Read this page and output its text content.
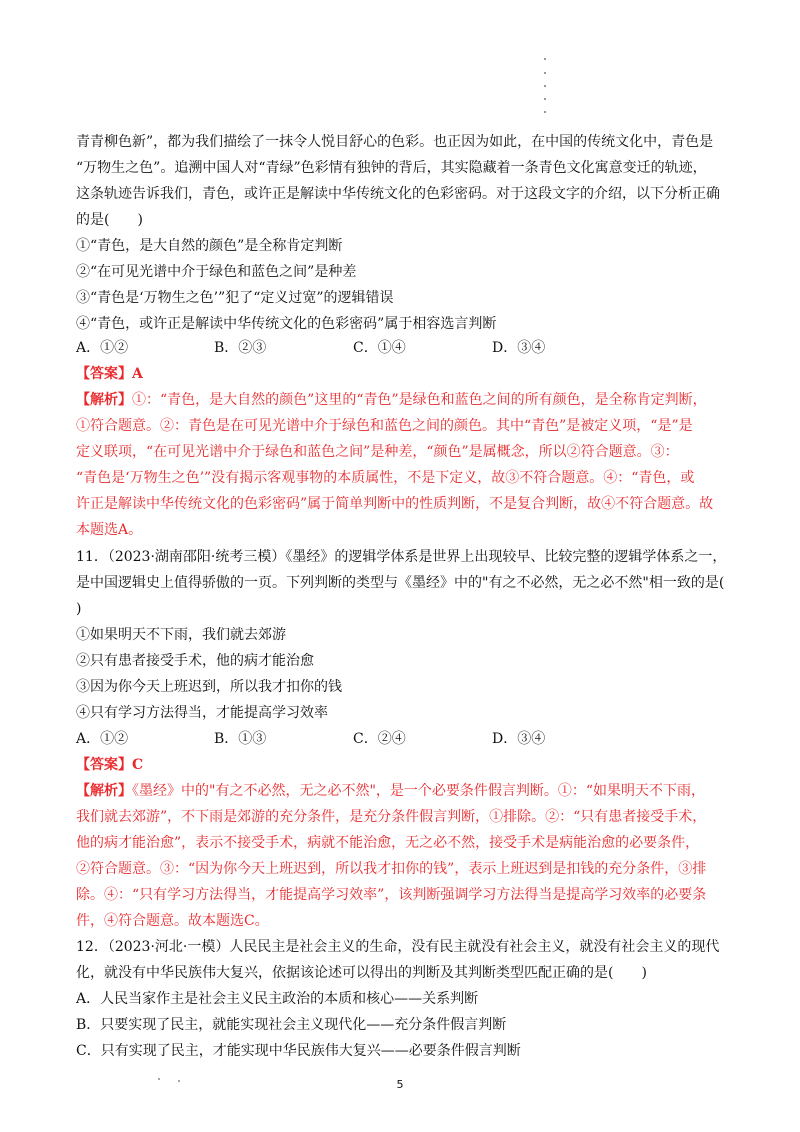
青青柳色新”，都为我们描绘了一抹令人悦目舒心的色彩。也正因为如此，在中国的传统文化中，青色是
“万物生之色”。追溯中国人对“青绿”色彩情有独钟的背后，其实隐藏着一条青色文化寓意变迁的轨迹，
这条轨迹告诉我们，青色，或许正是解读中华传统文化的色彩密码。对于这段文字的介绍，以下分析正确
的是(　　)
①“青色，是大自然的颜色”是全称肯定判断
②“在可见光谱中介于绿色和蓝色之间”是种差
③“青色是‘万物生之色’”犯了“定义过宽”的逻辑错误
④“青色，或许正是解读中华传统文化的色彩密码”属于相容选言判断
A．①②	B．②③	C．①④	D．③④
【答案】A
【解析】①：“青色，是大自然的颜色”这里的“青色”是绿色和蓝色之间的所有颜色，是全称肯定判断，
①符合题意。②：青色是在可见光谱中介于绿色和蓝色之间的颜色。其中“青色”是被定义项，“是”是
定义联项，“在可见光谱中介于绿色和蓝色之间”是种差，“颜色”是属概念，所以②符合题意。③：
“青色是‘万物生之色’”没有揭示客观事物的本质属性，不是下定义，故③不符合题意。④：“青色，或
许正是解读中华传统文化的色彩密码”属于简单判断中的性质判断，不是复合判断，故④不符合题意。故
本题选A。
11．（2023·湖南邵阳·统考三模）《墨经》的逻辑学体系是世界上出现较早、比较完整的逻辑学体系之一，
是中国逻辑史上值得骄傲的一页。下列判断的类型与《墨经》中的"有之不必然，无之必不然"相一致的是(
)
①如果明天不下雨，我们就去郊游
②只有患者接受手术，他的病才能治愈
③因为你今天上班迟到，所以我才扣你的钱
④只有学习方法得当，才能提高学习效率
A．①②	B．①③	C．②④	D．③④
【答案】C
【解析】《墨经》中的"有之不必然，无之必不然"，是一个必要条件假言判断。①：“如果明天不下雨，
我们就去郊游”，不下雨是郊游的充分条件，是充分条件假言判断，①排除。②：“只有患者接受手术，
他的病才能治愈”，表示不接受手术，病就不能治愈，无之必不然，接受手术是病能治愈的必要条件，
②符合题意。③：“因为你今天上班迟到，所以我才扣你的钱”，表示上班迟到是扣钱的充分条件，③排
除。④：“只有学习方法得当，才能提高学习效率”，该判断强调学习方法得当是提高学习效率的必要条
件，④符合题意。故本题选C。
12．（2023·河北·一模）人民民主是社会主义的生命，没有民主就没有社会主义，就没有社会主义的现代
化，就没有中华民族伟大复兴，依据该论述可以得出的判断及其判断类型匹配正确的是(　　)
A．人民当家作主是社会主义民主政治的本质和核心——关系判断
B．只要实现了民主，就能实现社会主义现代化——充分条件假言判断
C．只有实现了民主，才能实现中华民族伟大复兴——必要条件假言判断
5
